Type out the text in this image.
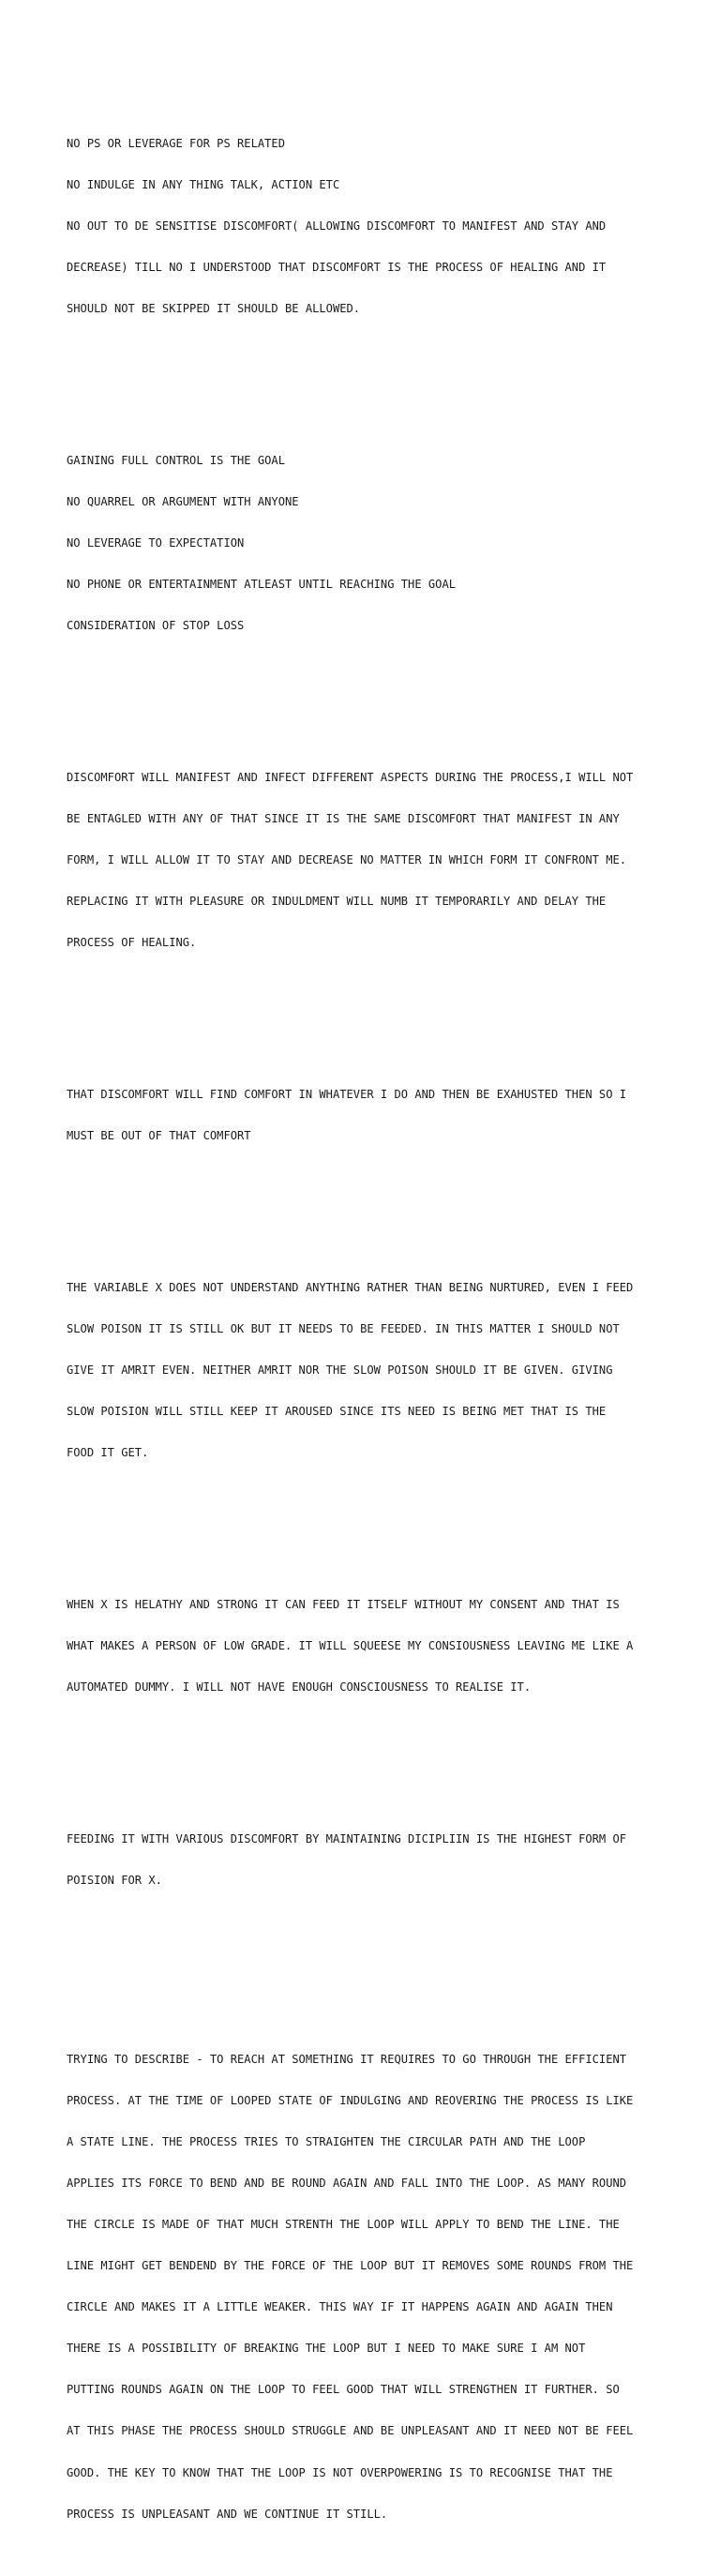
NO PS OR LEVERAGE FOR PS RELATED

NO INDULGE IN ANY THING TALK, ACTION ETC

NO OUT TO DE SENSITISE DISCOMFORT( ALLOWING DISCOMFORT TO MANIFEST AND STAY AND

DECREASE) TILL NO I UNDERSTOOD THAT DISCOMFORT IS THE PROCESS OF HEALING AND IT

SHOULD NOT BE SKIPPED IT SHOULD BE ALLOWED.

GAINING FULL CONTROL IS THE GOAL

NO QUARREL OR ARGUMENT WITH ANYONE

NO LEVERAGE TO EXPECTATION

NO PHONE OR ENTERTAINMENT ATLEAST UNTIL REACHING THE GOAL

CONSIDERATION OF STOP LOSS

DISCOMFORT WILL MANIFEST AND INFECT DIFFERENT ASPECTS DURING THE PROCESS,I WILL NOT

BE ENTAGLED WITH ANY OF THAT SINCE IT IS THE SAME DISCOMFORT THAT MANIFEST IN ANY

FORM, I WILL ALLOW IT TO STAY AND DECREASE NO MATTER IN WHICH FORM IT CONFRONT ME.

REPLACING IT WITH PLEASURE OR INDULDMENT WILL NUMB IT TEMPORARILY AND DELAY THE

PROCESS OF HEALING.

THAT DISCOMFORT WILL FIND COMFORT IN WHATEVER I DO AND THEN BE EXAHUSTED THEN SO I

MUST BE OUT OF THAT COMFORT

THE VARIABLE X DOES NOT UNDERSTAND ANYTHING RATHER THAN BEING NURTURED, EVEN I FEED

SLOW POISON IT IS STILL OK BUT IT NEEDS TO BE FEEDED. IN THIS MATTER I SHOULD NOT

GIVE IT AMRIT EVEN. NEITHER AMRIT NOR THE SLOW POISON SHOULD IT BE GIVEN. GIVING

SLOW POISION WILL STILL KEEP IT AROUSED SINCE ITS NEED IS BEING MET THAT IS THE

FOOD IT GET.

WHEN X IS HELATHY AND STRONG IT CAN FEED IT ITSELF WITHOUT MY CONSENT AND THAT IS

WHAT MAKES A PERSON OF LOW GRADE. IT WILL SQUEESE MY CONSIOUSNESS LEAVING ME LIKE A

AUTOMATED DUMMY. I WILL NOT HAVE ENOUGH CONSCIOUSNESS TO REALISE IT.

FEEDING IT WITH VARIOUS DISCOMFORT BY MAINTAINING DICIPLIIN IS THE HIGHEST FORM OF

POISION FOR X.

TRYING TO DESCRIBE - TO REACH AT SOMETHING IT REQUIRES TO GO THROUGH THE EFFICIENT

PROCESS. AT THE TIME OF LOOPED STATE OF INDULGING AND REOVERING THE PROCESS IS LIKE

A STATE LINE. THE PROCESS TRIES TO STRAIGHTEN THE CIRCULAR PATH AND THE LOOP

APPLIES ITS FORCE TO BEND AND BE ROUND AGAIN AND FALL INTO THE LOOP. AS MANY ROUND

THE CIRCLE IS MADE OF THAT MUCH STRENTH THE LOOP WILL APPLY TO BEND THE LINE. THE

LINE MIGHT GET BENDEND BY THE FORCE OF THE LOOP BUT IT REMOVES SOME ROUNDS FROM THE

CIRCLE AND MAKES IT A LITTLE WEAKER. THIS WAY IF IT HAPPENS AGAIN AND AGAIN THEN

THERE IS A POSSIBILITY OF BREAKING THE LOOP BUT I NEED TO MAKE SURE I AM NOT

PUTTING ROUNDS AGAIN ON THE LOOP TO FEEL GOOD THAT WILL STRENGTHEN IT FURTHER. SO

AT THIS PHASE THE PROCESS SHOULD STRUGGLE AND BE UNPLEASANT AND IT NEED NOT BE FEEL

GOOD. THE KEY TO KNOW THAT THE LOOP IS NOT OVERPOWERING IS TO RECOGNISE THAT THE

PROCESS IS UNPLEASANT AND WE CONTINUE IT STILL.
